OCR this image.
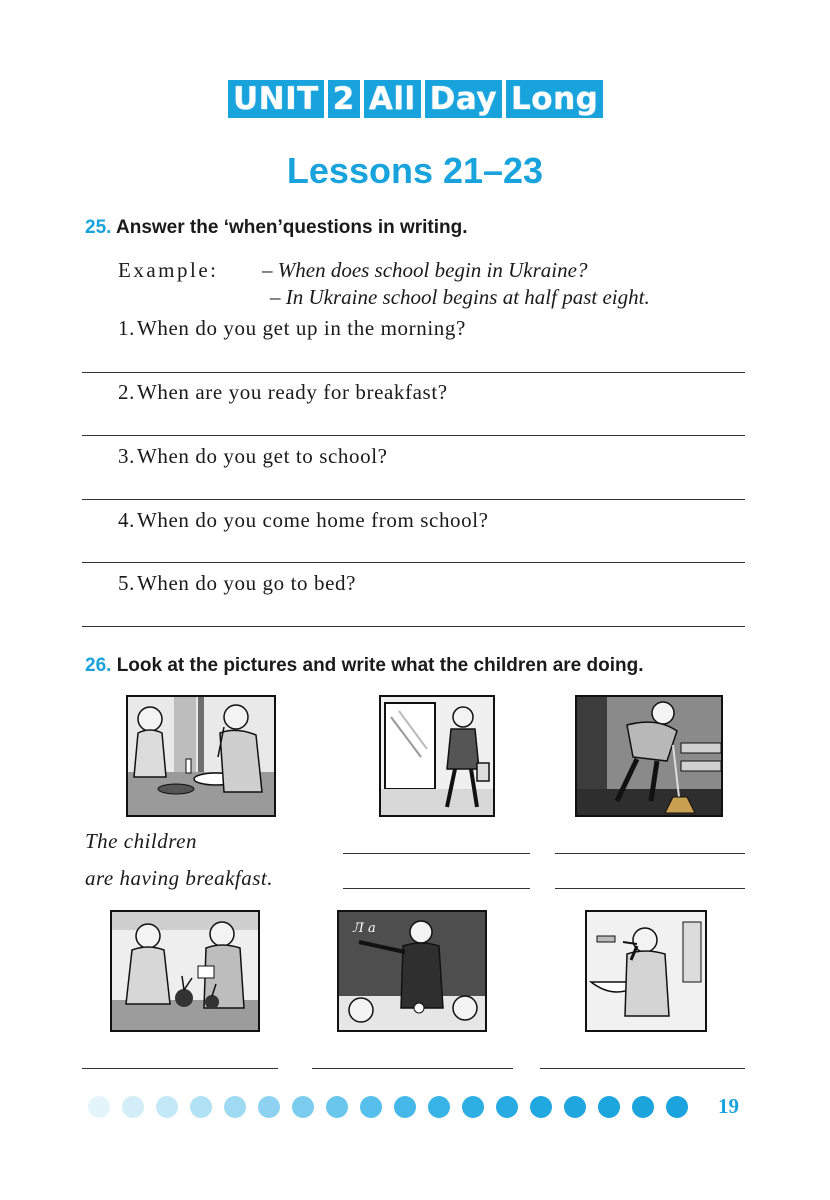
UNIT 2 All Day Long
Lessons 21–23
25. Answer the ‘when’questions in writing.
Example: – When does school begin in Ukraine?
– In Ukraine school begins at half past eight.
1.When do you get up in the morning?
2.When are you ready for breakfast?
3.When do you get to school?
4.When do you come home from school?
5.When do you go to bed?
26. Look at the pictures and write what the children are doing.
The children
are having breakfast.
Л a
19
